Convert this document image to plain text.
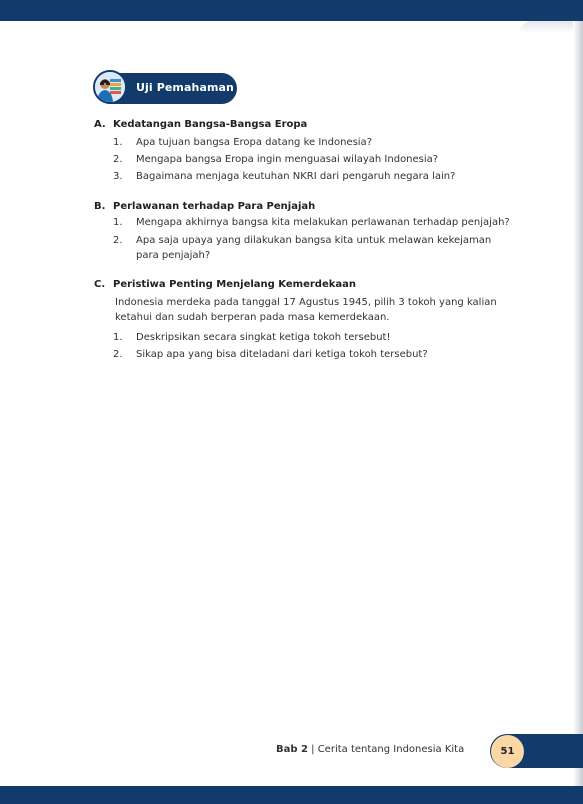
Uji Pemahaman
A. Kedatangan Bangsa-Bangsa Eropa
1. Apa tujuan bangsa Eropa datang ke Indonesia?
2. Mengapa bangsa Eropa ingin menguasai wilayah Indonesia?
3. Bagaimana menjaga keutuhan NKRI dari pengaruh negara lain?
B. Perlawanan terhadap Para Penjajah
1. Mengapa akhirnya bangsa kita melakukan perlawanan terhadap penjajah?
2. Apa saja upaya yang dilakukan bangsa kita untuk melawan kekejaman para penjajah?
C. Peristiwa Penting Menjelang Kemerdekaan
Indonesia merdeka pada tanggal 17 Agustus 1945, pilih 3 tokoh yang kalian ketahui dan sudah berperan pada masa kemerdekaan.
1. Deskripsikan secara singkat ketiga tokoh tersebut!
2. Sikap apa yang bisa diteladani dari ketiga tokoh tersebut?
Bab 2 | Cerita tentang Indonesia Kita	51
